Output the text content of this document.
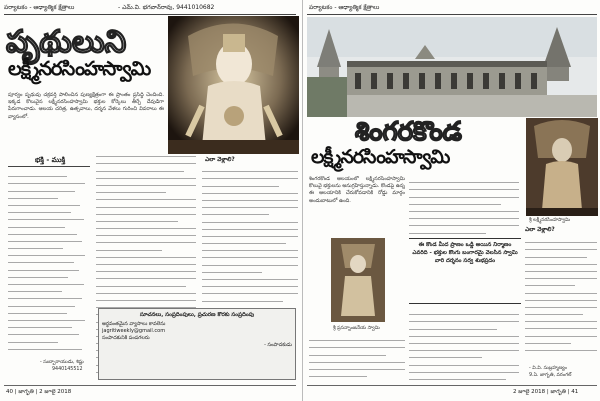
పర్యాటకం - ఆధ్యాత్మిక క్షేత్రాలు	- ఎమ్.వి. భగవాన్‌రావు, 9441010682
పృథులుని
లక్ష్మీనరసింహస్వామి
పూర్వం పృథువు చక్రవర్తి పాలించిన పుణ్యక్షేత్రంగా ఈ ప్రాంతం ప్రసిద్ధి చెందింది. ఇక్కడ కొలువైన లక్ష్మీనరసింహస్వామి భక్తుల కోర్కెలు తీర్చే దేవుడిగా పేరుగాంచాడు. ఆలయ చరిత్ర, ఉత్సవాలు, దర్శన వేళలు గురించి వివరాలు ఈ వ్యాసంలో.
భక్తి - ముక్తి
- సుబ్బారాయుడు, శిష్టు
9440145512
ఎలా వెళ్లాలి?
సూచనలు, సంప్రదింపులు, ప్రచురణ కొరకు సంప్రదింపు
అర్థవంతమైన వ్యాసాలు కావలెను
jagritiweekly@gmail.com
సంపాదకునికి పంపగలరు
- సంపాదకుడు
40 | జాగృతి | 2 జూలై 2018
పర్యాటకం - ఆధ్యాత్మిక క్షేత్రాలు
శింగరకొండ
లక్ష్మీనరసింహస్వామి
శ్రీ లక్ష్మీనరసింహస్వామి
శింగరకొండ ఆలయంలో లక్ష్మీనరసింహస్వామి కొలువై భక్తులను అనుగ్రహిస్తున్నాడు. కొండపై ఉన్న ఈ ఆలయానికి చేరుకోవడానికి రోడ్డు మార్గం అందుబాటులో ఉంది.
శ్రీ ప్రసన్నాంజనేయ స్వామి
ఈ కొండ మీద ప్రాణం ఒడ్డి అయిన నిర్మాణం ఎవరిది - భక్తుల కొంగు బంగారమై వెలసిన స్వామి వారి దర్శనం సర్వ శుభప్రదం
ఎలా వెళ్లాలి?
- వి.వి. సుబ్రహ్మణ్యం
9.ఏ. జాగృతి, వరంగల్
2 జూలై 2018 | జాగృతి | 41
